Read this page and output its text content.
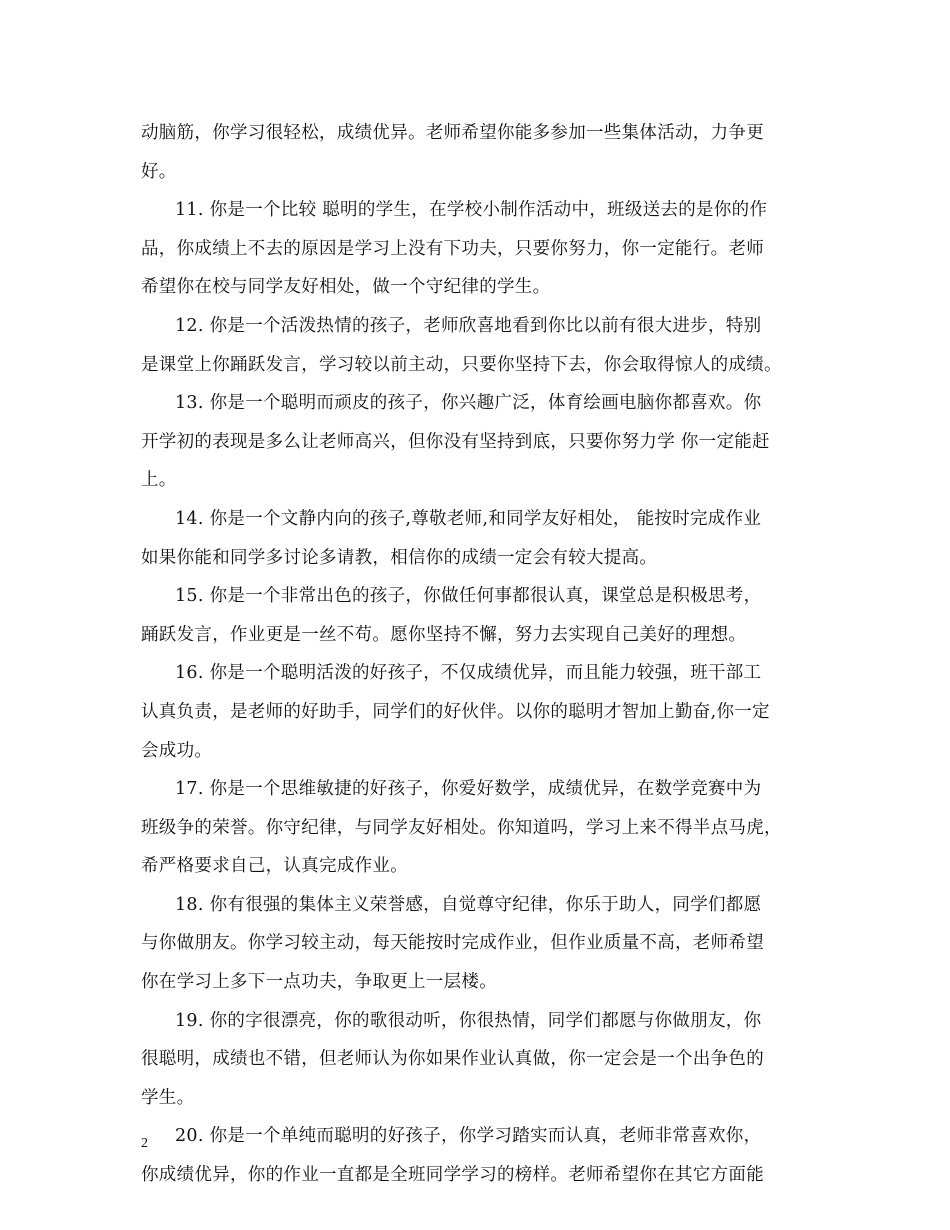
动脑筋，你学习很轻松，成绩优异。老师希望你能多参加一些集体活动，力争更
好。
11. 你是一个比较 聪明的学生，在学校小制作活动中，班级送去的是你的作
品，你成绩上不去的原因是学习上没有下功夫，只要你努力，你一定能行。老师
希望你在校与同学友好相处，做一个守纪律的学生。
12. 你是一个活泼热情的孩子，老师欣喜地看到你比以前有很大进步，特别
是课堂上你踊跃发言，学习较以前主动，只要你坚持下去，你会取得惊人的成绩。
13. 你是一个聪明而顽皮的孩子，你兴趣广泛，体育绘画电脑你都喜欢。你
开学初的表现是多么让老师高兴，但你没有坚持到底，只要你努力学 你一定能赶
上。
14. 你是一个文静内向的孩子,尊敬老师,和同学友好相处， 能按时完成作业
如果你能和同学多讨论多请教，相信你的成绩一定会有较大提高。
15. 你是一个非常出色的孩子，你做任何事都很认真，课堂总是积极思考，
踊跃发言，作业更是一丝不苟。愿你坚持不懈，努力去实现自己美好的理想。
16. 你是一个聪明活泼的好孩子，不仅成绩优异，而且能力较强，班干部工
认真负责，是老师的好助手，同学们的好伙伴。以你的聪明才智加上勤奋,你一定
会成功。
17. 你是一个思维敏捷的好孩子，你爱好数学，成绩优异，在数学竞赛中为
班级争的荣誉。你守纪律，与同学友好相处。你知道吗，学习上来不得半点马虎，
希严格要求自己，认真完成作业。
18. 你有很强的集体主义荣誉感，自觉尊守纪律，你乐于助人，同学们都愿
与你做朋友。你学习较主动，每天能按时完成作业，但作业质量不高，老师希望
你在学习上多下一点功夫，争取更上一层楼。
19. 你的字很漂亮，你的歌很动听，你很热情，同学们都愿与你做朋友，你
很聪明，成绩也不错，但老师认为你如果作业认真做，你一定会是一个出争色的
学生。
20. 你是一个单纯而聪明的好孩子，你学习踏实而认真，老师非常喜欢你，
你成绩优异，你的作业一直都是全班同学学习的榜样。老师希望你在其它方面能
2
